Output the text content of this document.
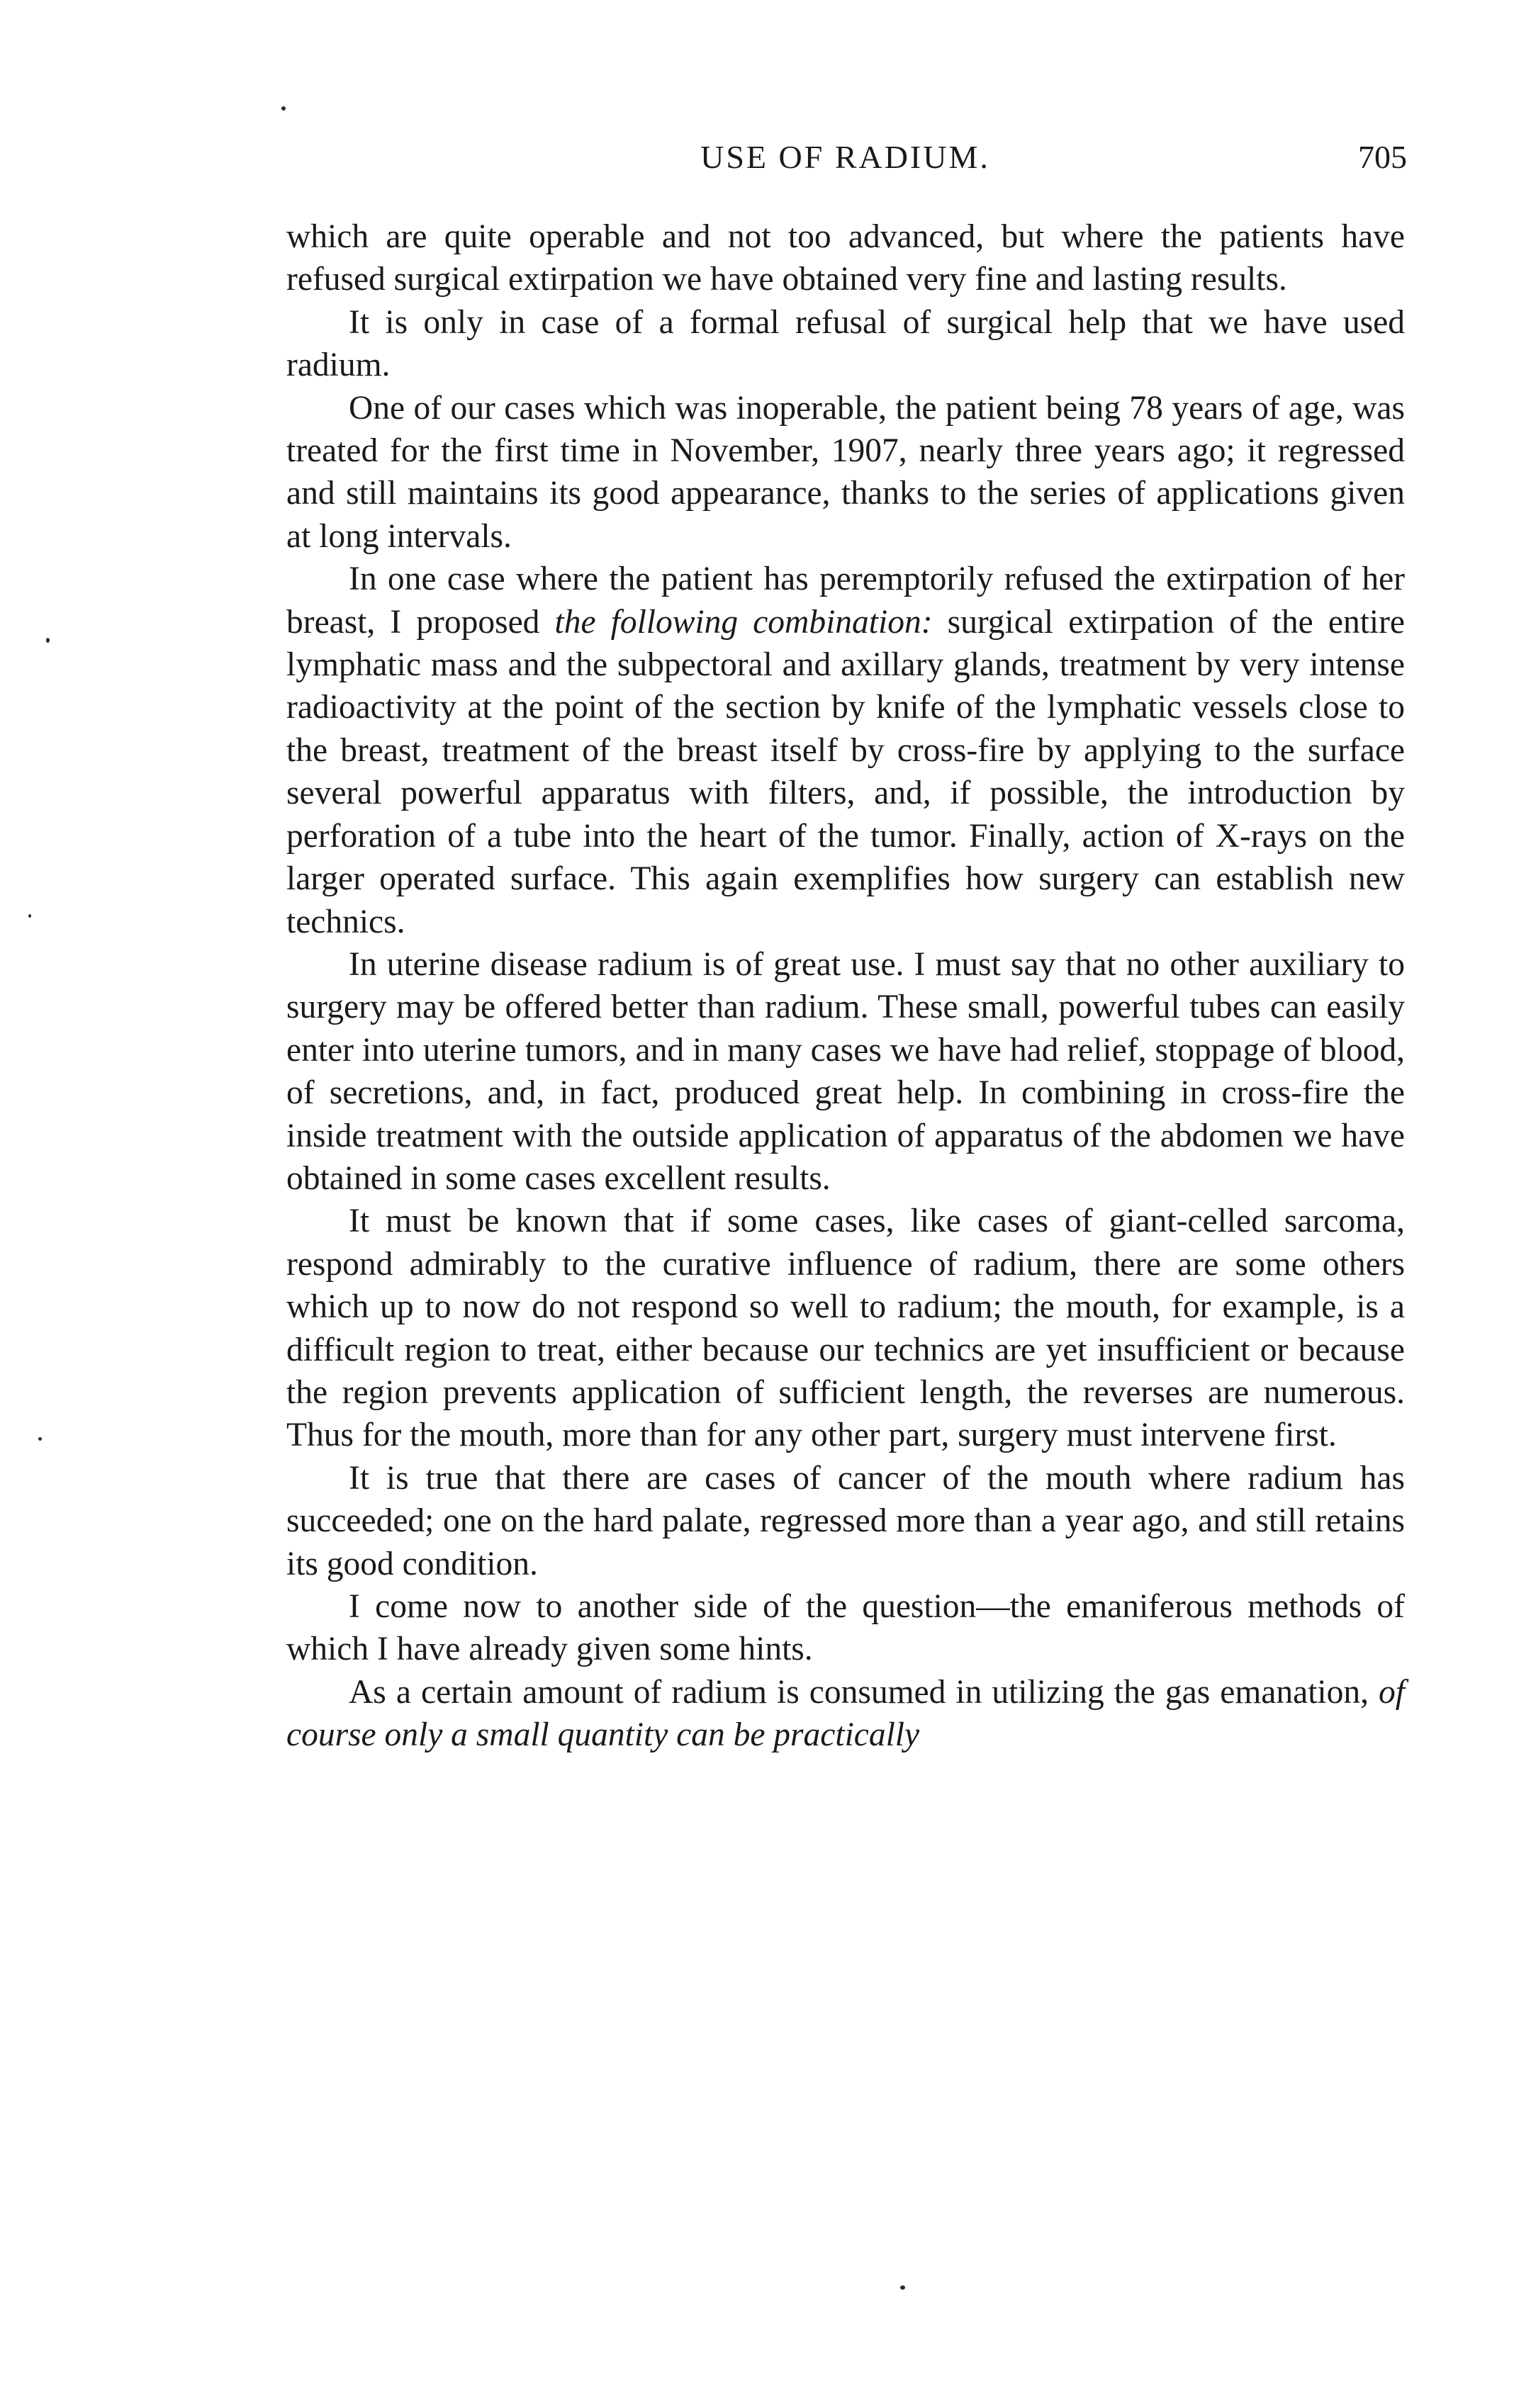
USE OF RADIUM.	705

which are quite operable and not too advanced, but where the patients have refused surgical extirpation we have obtained very fine and lasting results.

It is only in case of a formal refusal of surgical help that we have used radium.

One of our cases which was inoperable, the patient being 78 years of age, was treated for the first time in November, 1907, nearly three years ago; it regressed and still maintains its good appearance, thanks to the series of applications given at long intervals.

In one case where the patient has peremptorily refused the extirpation of her breast, I proposed the following combination: surgical extirpation of the entire lymphatic mass and the subpectoral and axillary glands, treatment by very intense radioactivity at the point of the section by knife of the lymphatic vessels close to the breast, treatment of the breast itself by cross-fire by applying to the surface several powerful apparatus with filters, and, if possible, the introduction by perforation of a tube into the heart of the tumor. Finally, action of X-rays on the larger operated surface. This again exemplifies how surgery can establish new technics.

In uterine disease radium is of great use. I must say that no other auxiliary to surgery may be offered better than radium. These small, powerful tubes can easily enter into uterine tumors, and in many cases we have had relief, stoppage of blood, of secretions, and, in fact, produced great help. In combining in cross-fire the inside treatment with the outside application of apparatus of the abdomen we have obtained in some cases excellent results.

It must be known that if some cases, like cases of giant-celled sarcoma, respond admirably to the curative influence of radium, there are some others which up to now do not respond so well to radium; the mouth, for example, is a difficult region to treat, either because our technics are yet insufficient or because the region prevents application of sufficient length, the reverses are numerous. Thus for the mouth, more than for any other part, surgery must intervene first.

It is true that there are cases of cancer of the mouth where radium has succeeded; one on the hard palate, regressed more than a year ago, and still retains its good condition.

I come now to another side of the question—the emaniferous methods of which I have already given some hints.

As a certain amount of radium is consumed in utilizing the gas emanation, of course only a small quantity can be practically
